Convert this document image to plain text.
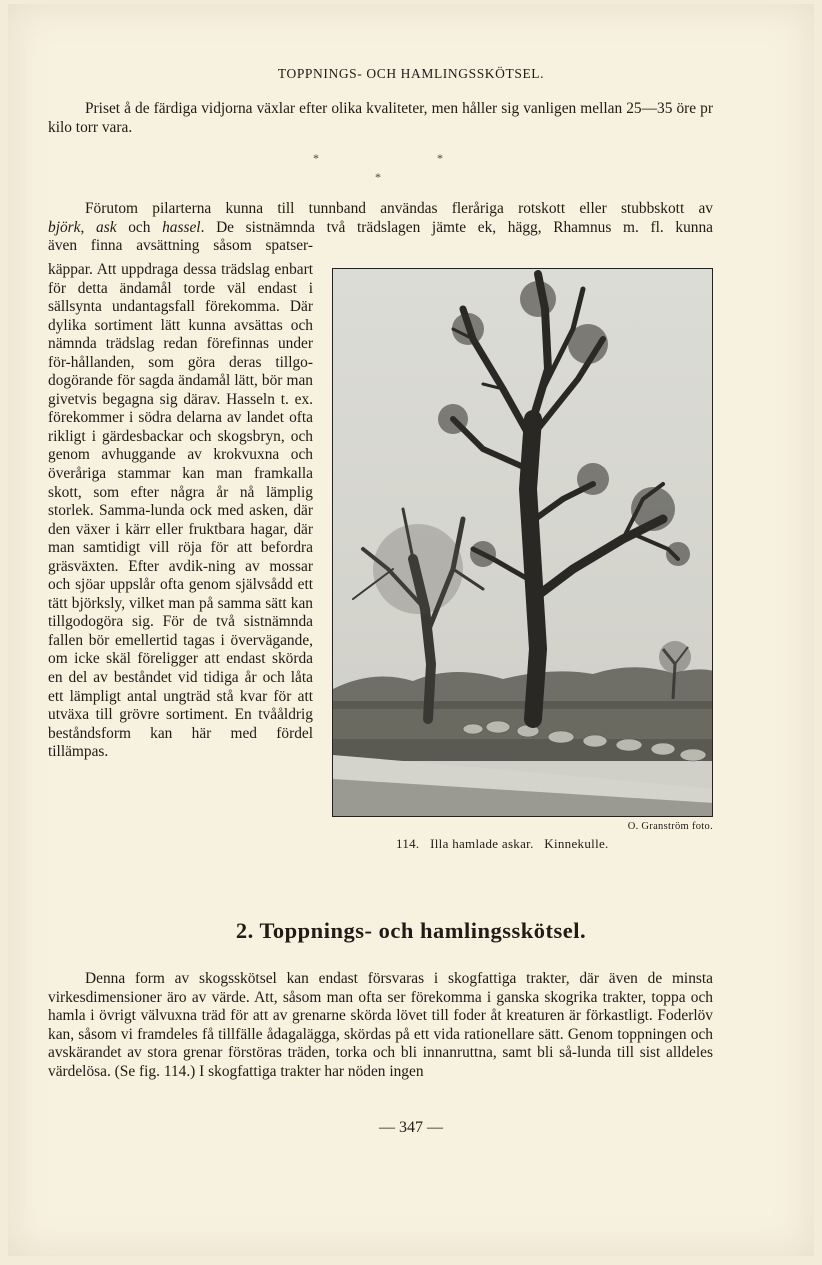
TOPPNINGS- OCH HAMLINGSSKÖTSEL.
Priset å de färdiga vidjorna växlar efter olika kvaliteter, men håller sig vanligen mellan 25—35 öre pr kilo torr vara.
*	*
*
Förutom pilarterna kunna till tunnband användas fleråriga rotskott eller stubbskott av
björk, ask och hassel. De sistnämnda två trädslagen jämte ek, hägg, Rhamnus m. fl. kunna
även finna avsättning såsom spatser-
käppar. Att uppdraga dessa trädslag enbart för detta ändamål torde väl endast i sällsynta undantagsfall förekomma. Där dylika sortiment lätt kunna avsättas och nämnda trädslag redan förefinnas under för-hållanden, som göra deras tillgo-dogörande för sagda ändamål lätt, bör man givetvis begagna sig därav. Hasseln t. ex. förekommer i södra delarna av landet ofta rikligt i gärdesbackar och skogsbryn, och genom avhuggande av krokvuxna och överåriga stammar kan man framkalla skott, som efter några år nå lämplig storlek. Samma-lunda ock med asken, där den växer i kärr eller fruktbara hagar, där man samtidigt vill röja för att befordra gräsväxten. Efter avdik-ning av mossar och sjöar uppslår ofta genom självsådd ett tätt björksly, vilket man på samma sätt kan tillgodogöra sig. För de två sistnämnda fallen bör emellertid tagas i övervägande, om icke skäl föreligger att endast skörda en del av beståndet vid tidiga år och låta ett lämpligt antal ungträd stå kvar för att utväxa till grövre sortiment. En tvååldrig beståndsform kan här med fördel tillämpas.
O. Granström foto.
114.   Illa hamlade askar.   Kinnekulle.
2. Toppnings- och hamlingsskötsel.
Denna form av skogsskötsel kan endast försvaras i skogfattiga trakter, där även de minsta virkesdimensioner äro av värde. Att, såsom man ofta ser förekomma i ganska skogrika trakter, toppa och hamla i övrigt välvuxna träd för att av grenarne skörda lövet till foder åt kreaturen är förkastligt. Foderlöv kan, såsom vi framdeles få tillfälle ådagalägga, skördas på ett vida rationellare sätt. Genom toppningen och avskärandet av stora grenar förstöras träden, torka och bli innanruttna, samt bli så-lunda till sist alldeles värdelösa. (Se fig. 114.) I skogfattiga trakter har nöden ingen
— 347 —
